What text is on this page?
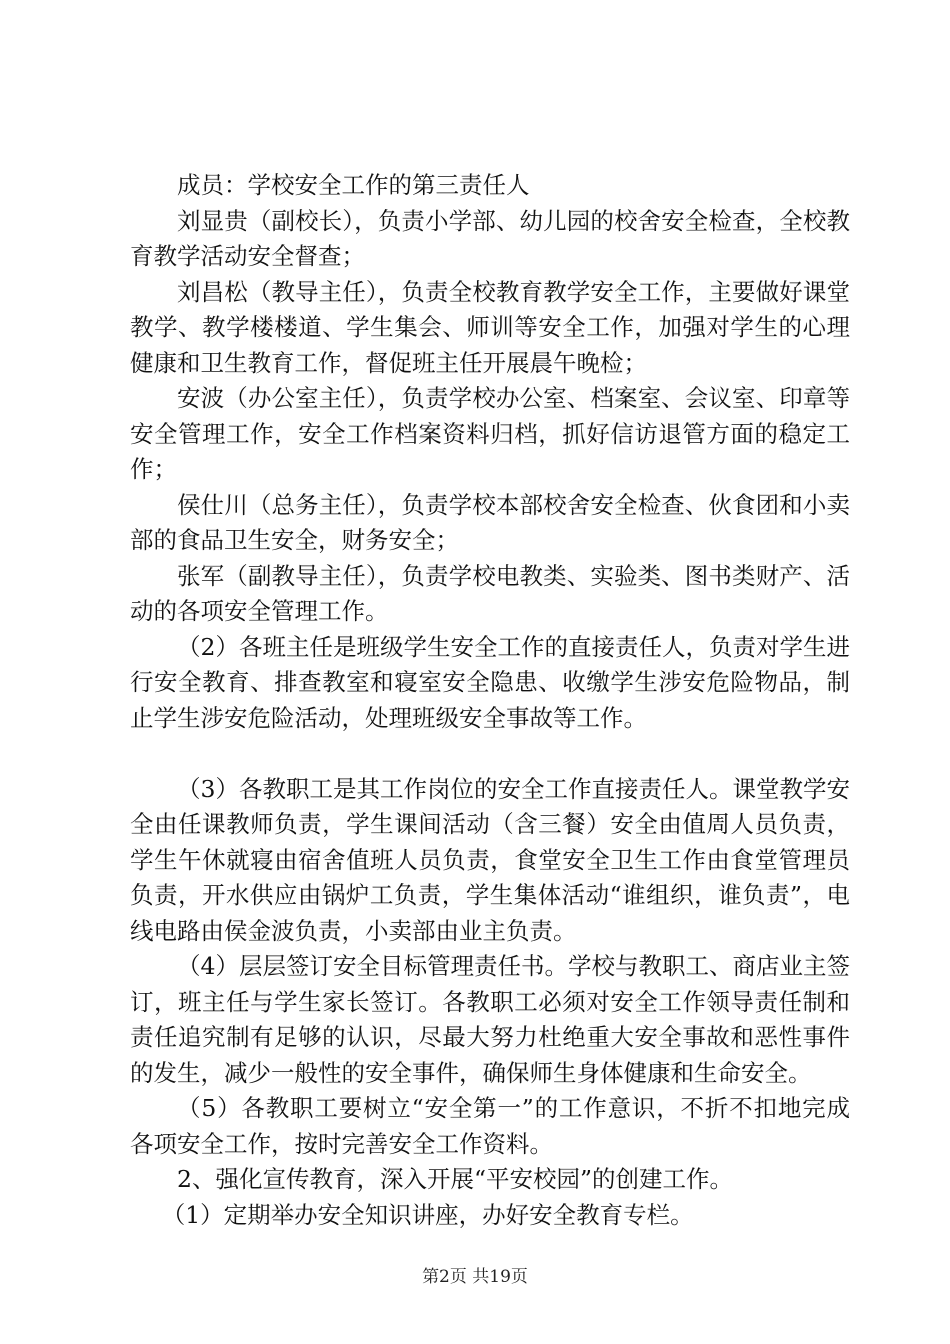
成员：学校安全工作的第三责任人

刘显贵（副校长），负责小学部、幼儿园的校舍安全检查，全校教育教学活动安全督查；

刘昌松（教导主任），负责全校教育教学安全工作，主要做好课堂教学、教学楼楼道、学生集会、师训等安全工作，加强对学生的心理健康和卫生教育工作，督促班主任开展晨午晚检；

安波（办公室主任），负责学校办公室、档案室、会议室、印章等安全管理工作，安全工作档案资料归档，抓好信访退管方面的稳定工作；

侯仕川（总务主任），负责学校本部校舍安全检查、伙食团和小卖部的食品卫生安全，财务安全；

张军（副教导主任），负责学校电教类、实验类、图书类财产、活动的各项安全管理工作。

（2）各班主任是班级学生安全工作的直接责任人，负责对学生进行安全教育、排查教室和寝室安全隐患、收缴学生涉安危险物品，制止学生涉安危险活动，处理班级安全事故等工作。

（3）各教职工是其工作岗位的安全工作直接责任人。课堂教学安全由任课教师负责，学生课间活动（含三餐）安全由值周人员负责，学生午休就寝由宿舍值班人员负责，食堂安全卫生工作由食堂管理员负责，开水供应由锅炉工负责，学生集体活动“谁组织，谁负责”，电线电路由侯金波负责，小卖部由业主负责。

（4）层层签订安全目标管理责任书。学校与教职工、商店业主签订，班主任与学生家长签订。各教职工必须对安全工作领导责任制和责任追究制有足够的认识，尽最大努力杜绝重大安全事故和恶性事件的发生，减少一般性的安全事件，确保师生身体健康和生命安全。

（5）各教职工要树立“安全第一”的工作意识，不折不扣地完成各项安全工作，按时完善安全工作资料。

2、强化宣传教育，深入开展“平安校园”的创建工作。

（1）定期举办安全知识讲座，办好安全教育专栏。

第2页 共19页
